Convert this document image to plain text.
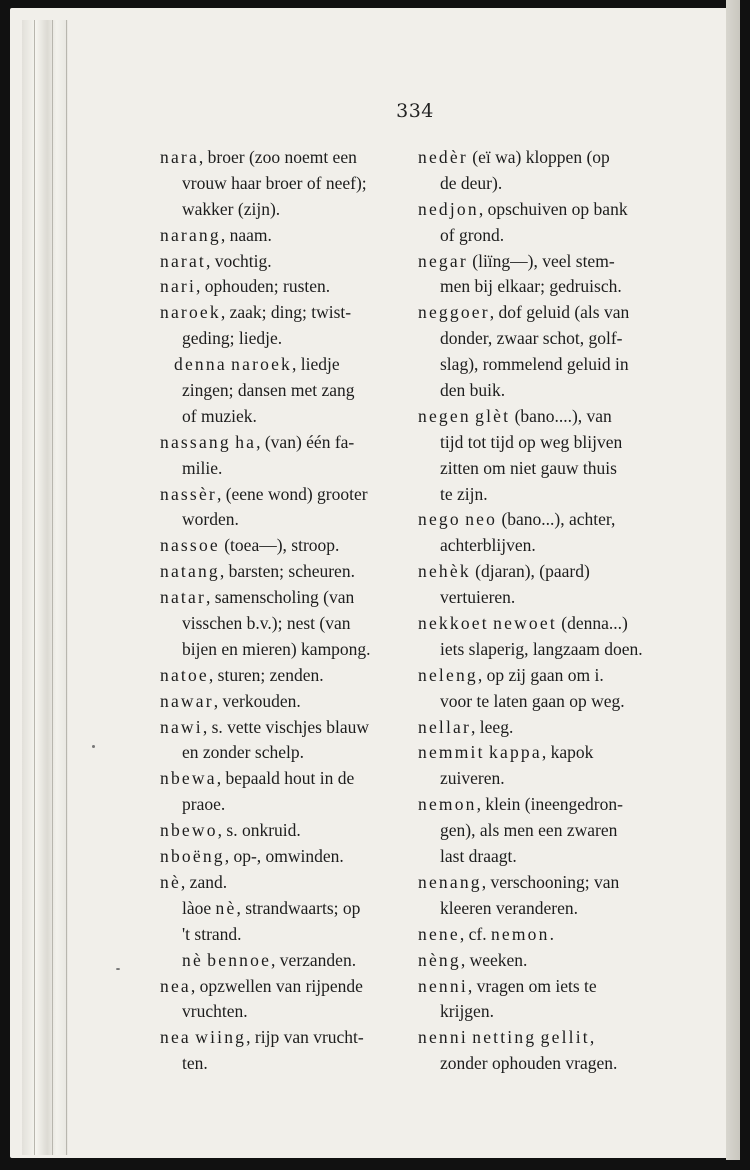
334
nara, broer (zoo noemt een
vrouw haar broer of neef);
wakker (zijn).
narang, naam.
narat, vochtig.
nari, ophouden; rusten.
naroek, zaak; ding; twist-
geding; liedje.
denna naroek, liedje
zingen; dansen met zang
of muziek.
nassang ha, (van) één fa-
milie.
nassèr, (eene wond) grooter
worden.
nassoe (toea—), stroop.
natang, barsten; scheuren.
natar, samenscholing (van
visschen b.v.); nest (van
bijen en mieren) kampong.
natoe, sturen; zenden.
nawar, verkouden.
nawi, s. vette vischjes blauw
en zonder schelp.
nbewa, bepaald hout in de
praoe.
nbewo, s. onkruid.
nboëng, op-, omwinden.
nè, zand.
làoe nè, strandwaarts; op
't strand.
nè bennoe, verzanden.
nea, opzwellen van rijpende
vruchten.
nea wiing, rijp van vrucht-
ten.
nedèr (eï wa) kloppen (op
de deur).
nedjon, opschuiven op bank
of grond.
negar (liïng—), veel stem-
men bij elkaar; gedruisch.
neggoer, dof geluid (als van
donder, zwaar schot, golf-
slag), rommelend geluid in
den buik.
negen glèt (bano....), van
tijd tot tijd op weg blijven
zitten om niet gauw thuis
te zijn.
nego neo (bano...), achter,
achterblijven.
nehèk (djaran), (paard)
vertuieren.
nekkoet newoet (denna...)
iets slaperig, langzaam doen.
neleng, op zij gaan om i.
voor te laten gaan op weg.
nellar, leeg.
nemmit kappa, kapok
zuiveren.
nemon, klein (ineengedron-
gen), als men een zwaren
last draagt.
nenang, verschooning; van
kleeren veranderen.
nene, cf. nemon.
nèng, weeken.
nenni, vragen om iets te
krijgen.
nenni netting gellit,
zonder ophouden vragen.
